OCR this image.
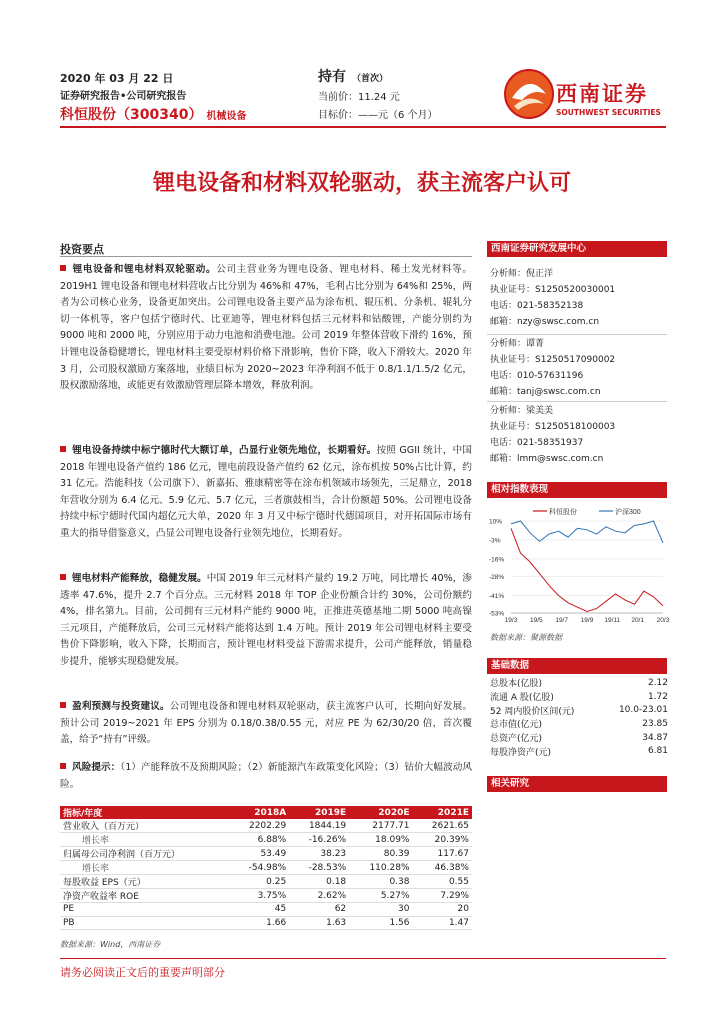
2020 年 03 月 22 日
证券研究报告•公司研究报告
科恒股份（300340） 机械设备
持有 （首次）
当前价：11.24 元
目标价：——元（6 个月）
西南证券
SOUTHWEST SECURITIES
锂电设备和材料双轮驱动，获主流客户认可
投资要点
锂电设备和锂电材料双轮驱动。公司主营业务为锂电设备、锂电材料、稀土发光材料等。2019H1 锂电设备和锂电材料营收占比分别为 46%和 47%，毛利占比分别为 64%和 25%，两者为公司核心业务，设备更加突出。公司锂电设备主要产品为涂布机、辊压机、分条机、辊轧分切一体机等，客户包括宁德时代、比亚迪等，锂电材料包括三元材料和钴酸锂，产能分别约为 9000 吨和 2000 吨，分别应用于动力电池和消费电池。公司 2019 年整体营收下滑约 16%，预计锂电设备稳健增长，锂电材料主要受原材料价格下滑影响，售价下降，收入下滑较大。2020 年 3 月，公司股权激励方案落地，业绩目标为 2020~2023 年净利润不低于 0.8/1.1/1.5/2 亿元，股权激励落地，或能更有效激励管理层降本增效，释放利润。
锂电设备持续中标宁德时代大额订单，凸显行业领先地位，长期看好。按照 GGII 统计，中国 2018 年锂电设备产值约 186 亿元，锂电前段设备产值约 62 亿元，涂布机按 50%占比计算，约 31 亿元。浩能科技（公司旗下）、新嘉拓、雅康精密等在涂布机领域市场领先，三足鼎立，2018 年营收分别为 6.4 亿元、5.9 亿元、5.7 亿元，三者旗鼓相当，合计份额超 50%。公司锂电设备持续中标宁德时代国内超亿元大单，2020 年 3 月又中标宁德时代德国项目，对开拓国际市场有重大的指导借鉴意义，凸显公司锂电设备行业领先地位，长期看好。
锂电材料产能释放，稳健发展。中国 2019 年三元材料产量约 19.2 万吨，同比增长 40%，渗透率 47.6%，提升 2.7 个百分点。三元材料 2018 年 TOP 企业份额合计约 30%，公司份额约 4%，排名第九。目前，公司拥有三元材料产能约 9000 吨，正推进英德基地二期 5000 吨高镍三元项目，产能释放后，公司三元材料产能将达到 1.4 万吨。预计 2019 年公司锂电材料主要受售价下降影响，收入下降，长期而言，预计锂电材料受益下游需求提升，公司产能释放，销量稳步提升，能够实现稳健发展。
盈利预测与投资建议。公司锂电设备和锂电材料双轮驱动，获主流客户认可，长期向好发展。预计公司 2019~2021 年 EPS 分别为 0.18/0.38/0.55 元，对应 PE 为 62/30/20 倍，首次覆盖，给予“持有”评级。
风险提示：（1）产能释放不及预期风险；（2）新能源汽车政策变化风险；（3）钴价大幅波动风险。
指标/年度	2018A	2019E	2020E	2021E
营业收入（百万元）	2202.29	1844.19	2177.71	2621.65
增长率	6.88%	-16.26%	18.09%	20.39%
归属母公司净利润（百万元）	53.49	38.23	80.39	117.67
增长率	-54.98%	-28.53%	110.28%	46.38%
每股收益 EPS（元）	0.25	0.18	0.38	0.55
净资产收益率 ROE	3.75%	2.62%	5.27%	7.29%
PE	45	62	30	20
PB	1.66	1.63	1.56	1.47
数据来源：Wind，西南证券
西南证券研究发展中心
分析师：倪正洋
执业证号：S1250520030001
电话：021-58352138
邮箱：nzy@swsc.com.cn
分析师：谭菁
执业证号：S1250517090002
电话：010-57631196
邮箱：tanj@swsc.com.cn
分析师：梁美美
执业证号：S1250518100003
电话：021-58351937
邮箱：lmm@swsc.com.cn
相对指数表现
10%
-3%
-16%
-28%
-41%
-53%
19/3 19/5 19/7 19/9 19/11 20/1 20/3
科恒股份	沪深300
数据来源：聚源数据
基础数据
总股本(亿股)	2.12
流通 A 股(亿股)	1.72
52 周内股价区间(元)	10.0-23.01
总市值(亿元)	23.85
总资产(亿元)	34.87
每股净资产(元)	6.81
相关研究
请务必阅读正文后的重要声明部分
